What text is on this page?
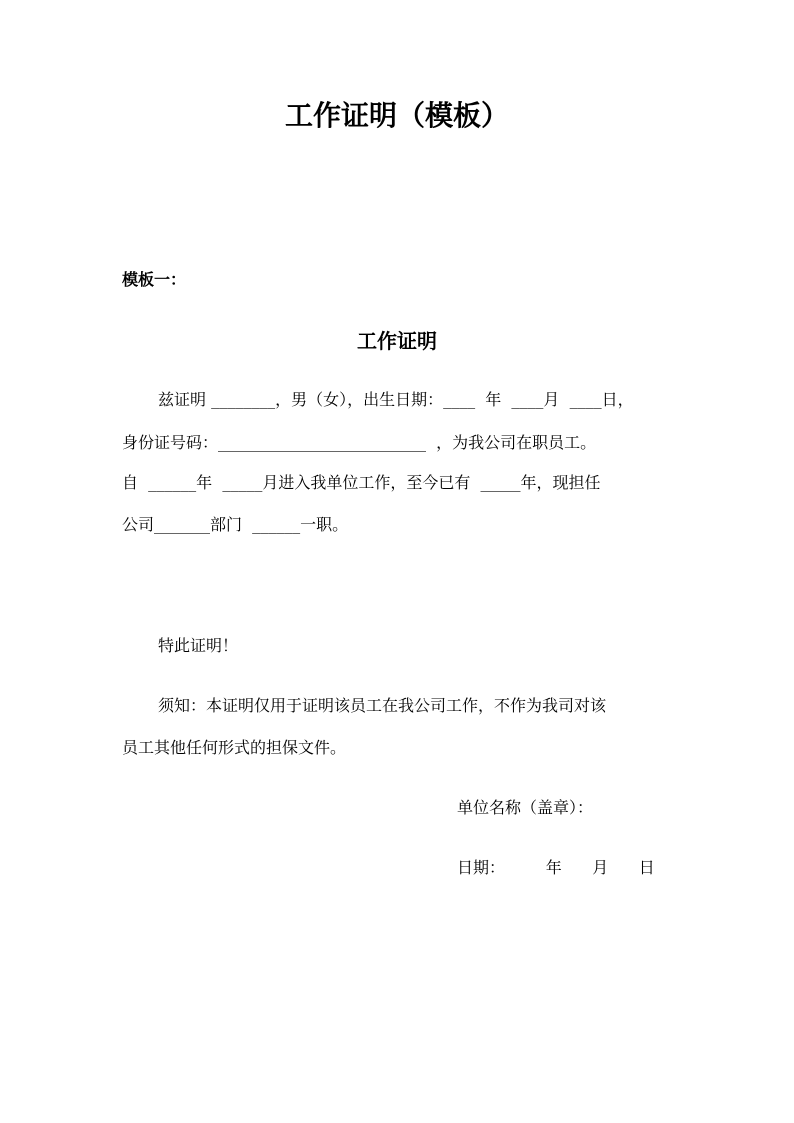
工作证明（模板）
模板一：
工作证明
兹证明 ________，男（女），出生日期：____  年  ____月  ____日，
身份证号码：__________________________  ，为我公司在职员工。
自  ______年  _____月进入我单位工作，至今已有  _____年，现担任
公司_______部门  ______一职。
特此证明！
须知：本证明仅用于证明该员工在我公司工作，不作为我司对该
员工其他任何形式的担保文件。
单位名称（盖章）：
日期：        年      月      日
